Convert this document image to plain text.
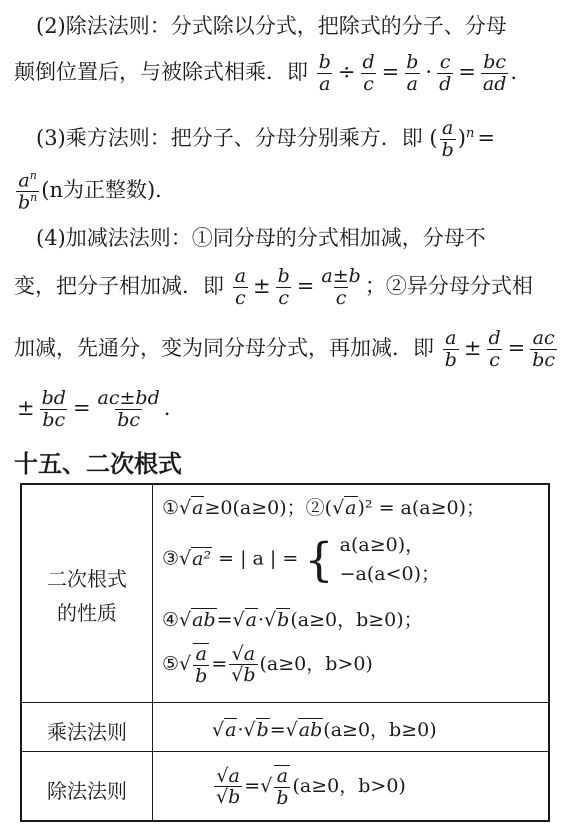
(2)除法法则：分式除以分式，把除式的分子、分母
颠倒位置后，与被除式相乘．即 $\frac{b}{a} \div \frac{d}{c} = \frac{b}{a} \cdot \frac{c}{d} = \frac{bc}{ad}$ .
(3)乘方法则：把分子、分母分别乘方．即 ( $\frac{a}{b} )^n$ =
$\frac{a^n}{b^n} (n$为正整数)．
(4)加减法法则：①同分母的分式相加减，分母不
变，把分子相加减．即 $\frac{a}{c} \pm \frac{b}{c} = \frac{a\pm b}{c}$ ；②异分母分式相
加减，先通分，变为同分母分式，再加减．即 $\frac{a}{b} \pm \frac{d}{c} = \frac{ac}{bc}$
± $\frac{bd}{bc} = \frac{ac\pm bd}{bc}$ .
十五、二次根式
二次根式
的性质
乘法法则
除法法则
①√a≥0(a≥0)；②(√a)² = a(a≥0)；
③√a² = | a | = { a(a≥0)，
−a(a<0)；
④√ab=√a·√b(a≥0，b≥0)；
⑤√ $\frac{a}{b} = \frac{√a}{√b} (a\ge 0$，b>0)
√a·√b=√ab(a≥0，b≥0)
$\frac{√a}{√b}$ =√ $\frac{a}{b} (a\ge 0$，b>0)
